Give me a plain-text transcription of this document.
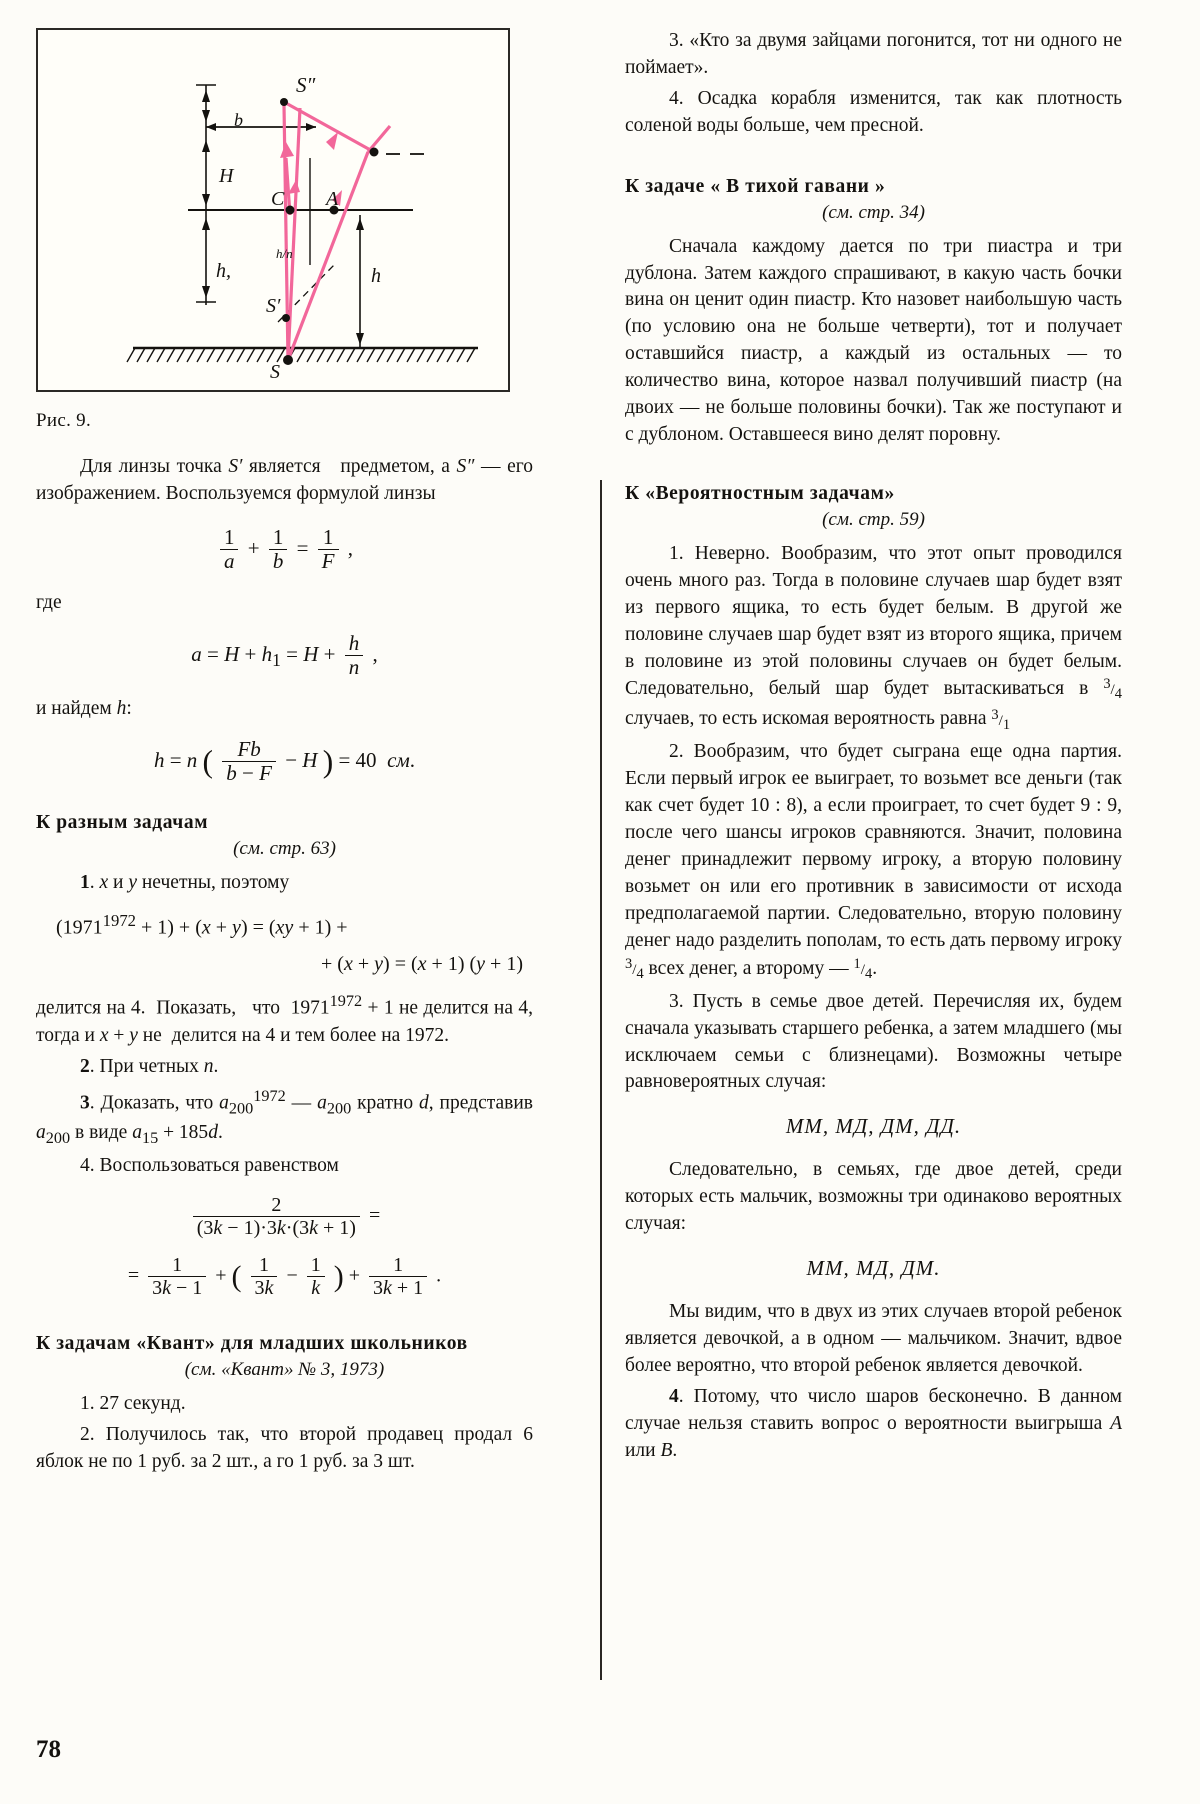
S″
b
H
h,	h
C A
S′
S
h/n
Рис. 9.

Для линзы точка S′ является   предметом, а S″ — его изображением. Воспользуемся формулой линзы

$\frac{1}{a} + \frac{1}{b} = \frac{1}{F}$ ,
где
$a = H + h_1 = H + \frac{h}{n}$ ,
и найдем h:
h = n ( $\frac{Fb}{b - F} - H$ ) = 40  см.
К разным задачам
(см. стр. 63)

1. x и y нечетны, поэтому

$(1971^{1972} + 1) + (x + y) = (xy + 1)$ +
+ (x + y) = (x + 1) (y + 1)

делится на 4.  Показать,   что  $1971^{1972} + 1$ не делится на 4, тогда и x + y не  делится на 4 и тем более на 1972.

2. При четных n.

3. Доказать, что $a_{200}^{1972}$ — $a_{200}$ кратно d, представив $a_{200}$ в виде $a_{15} + 185d$.

4. Воспользоваться равенством

$\frac{2}{(3k - 1)\cdot 3k\cdot(3k + 1)}$ =
= $\frac{1}{3k - 1}$ + ( $\frac{1}{3k} - \frac{1}{k}$ ) + $\frac{1}{3k + 1}$ .
К задачам «Квант» для младших школьников
(см. «Квант» № 3, 1973)

1. 27 секунд.

2. Получилось так, что второй продавец продал 6 яблок не по 1 руб. за 2 шт., а го 1 руб. за 3 шт.

3. «Кто за двумя зайцами погонится, тот ни одного не поймает».

4. Осадка корабля изменится, так как плотность соленой воды больше, чем пресной.

К задаче « В тихой гавани »
(см. стр. 34)

Сначала каждому дается по три пиастра и три дублона. Затем каждого спрашивают, в какую часть бочки вина он ценит один пиастр. Кто назовет наибольшую часть (по условию она не больше четверти), тот и получает оставшийся пиастр, а каждый из остальных — то количество вина, которое назвал получивший пиастр (на двоих — не больше половины бочки). Так же поступают и с дублоном. Оставшееся вино делят поровну.

К «Вероятностным задачам»
(см. стр. 59)

1. Неверно. Вообразим, что этот опыт проводился очень много раз. Тогда в половине случаев шар будет взят из первого ящика, то есть будет белым. В другой же половине случаев шар будет взят из второго ящика, причем в половине из этой половины случаев он будет белым. Следовательно, белый шар будет вытаскиваться в $^3/_4$ случаев, то есть искомая вероятность равна $^3/_1$

2. Вообразим, что будет сыграна еще одна партия. Если первый игрок ее выиграет, то возьмет все деньги (так как счет будет 10 : 8), а если проиграет, то счет будет 9 : 9, после чего шансы игроков сравняются. Значит, половина денег принадлежит первому игроку, а вторую половину возьмет он или его противник в зависимости от исхода предполагаемой партии. Следовательно, вторую половину денег надо разделить пополам, то есть дать первому игроку $^3/_4$ всех денег, а второму — $^1/_4$.

3. Пусть в семье двое детей. Перечисляя их, будем сначала указывать старшего ребенка, а затем младшего (мы исключаем семьи с близнецами). Возможны четыре равновероятных случая:

ММ, МД, ДМ, ДД.

Следовательно, в семьях, где двое детей, среди которых есть мальчик, возможны три одинаково вероятных случая:

ММ, МД, ДМ.

Мы видим, что в двух из этих случаев второй ребенок является девочкой, а в одном — мальчиком. Значит, вдвое более вероятно, что второй ребенок является девочкой.

4. Потому, что число шаров бесконечно. В данном случае нельзя ставить вопрос о вероятности выигрыша A или B.

78
